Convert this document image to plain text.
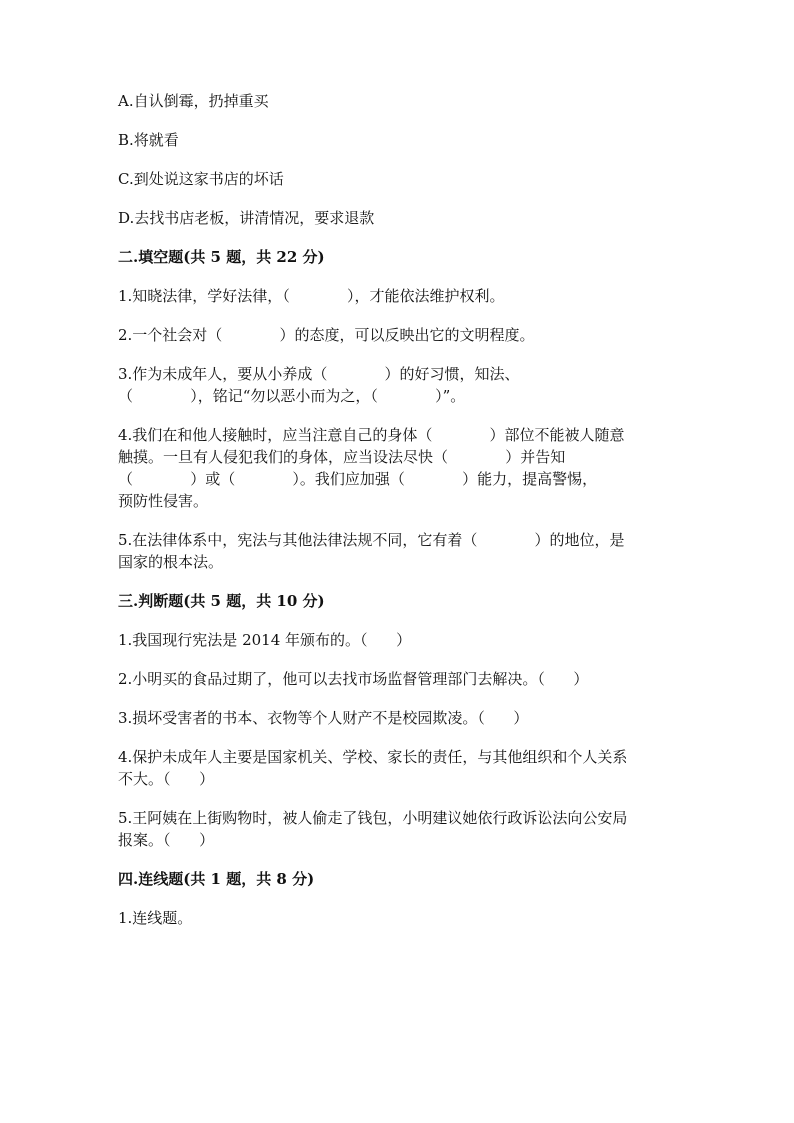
A.自认倒霉，扔掉重买
B.将就看
C.到处说这家书店的坏话
D.去找书店老板，讲清情况，要求退款
二.填空题(共 5 题，共 22 分)
1.知晓法律，学好法律，（            ），才能依法维护权利。
2.一个社会对（            ）的态度，可以反映出它的文明程度。
3.作为未成年人，要从小养成（            ）的好习惯，知法、
（            ），铭记“勿以恶小而为之，（            ）”。
4.我们在和他人接触时，应当注意自己的身体（            ）部位不能被人随意
触摸。一旦有人侵犯我们的身体，应当设法尽快（            ）并告知
（            ）或（            ）。我们应加强（            ）能力，提高警惕，
预防性侵害。
5.在法律体系中，宪法与其他法律法规不同，它有着（            ）的地位，是
国家的根本法。
三.判断题(共 5 题，共 10 分)
1.我国现行宪法是 2014 年颁布的。（      ）
2.小明买的食品过期了，他可以去找市场监督管理部门去解决。（      ）
3.损坏受害者的书本、衣物等个人财产不是校园欺凌。（      ）
4.保护未成年人主要是国家机关、学校、家长的责任，与其他组织和个人关系
不大。（      ）
5.王阿姨在上街购物时，被人偷走了钱包，小明建议她依行政诉讼法向公安局
报案。（      ）
四.连线题(共 1 题，共 8 分)
1.连线题。
